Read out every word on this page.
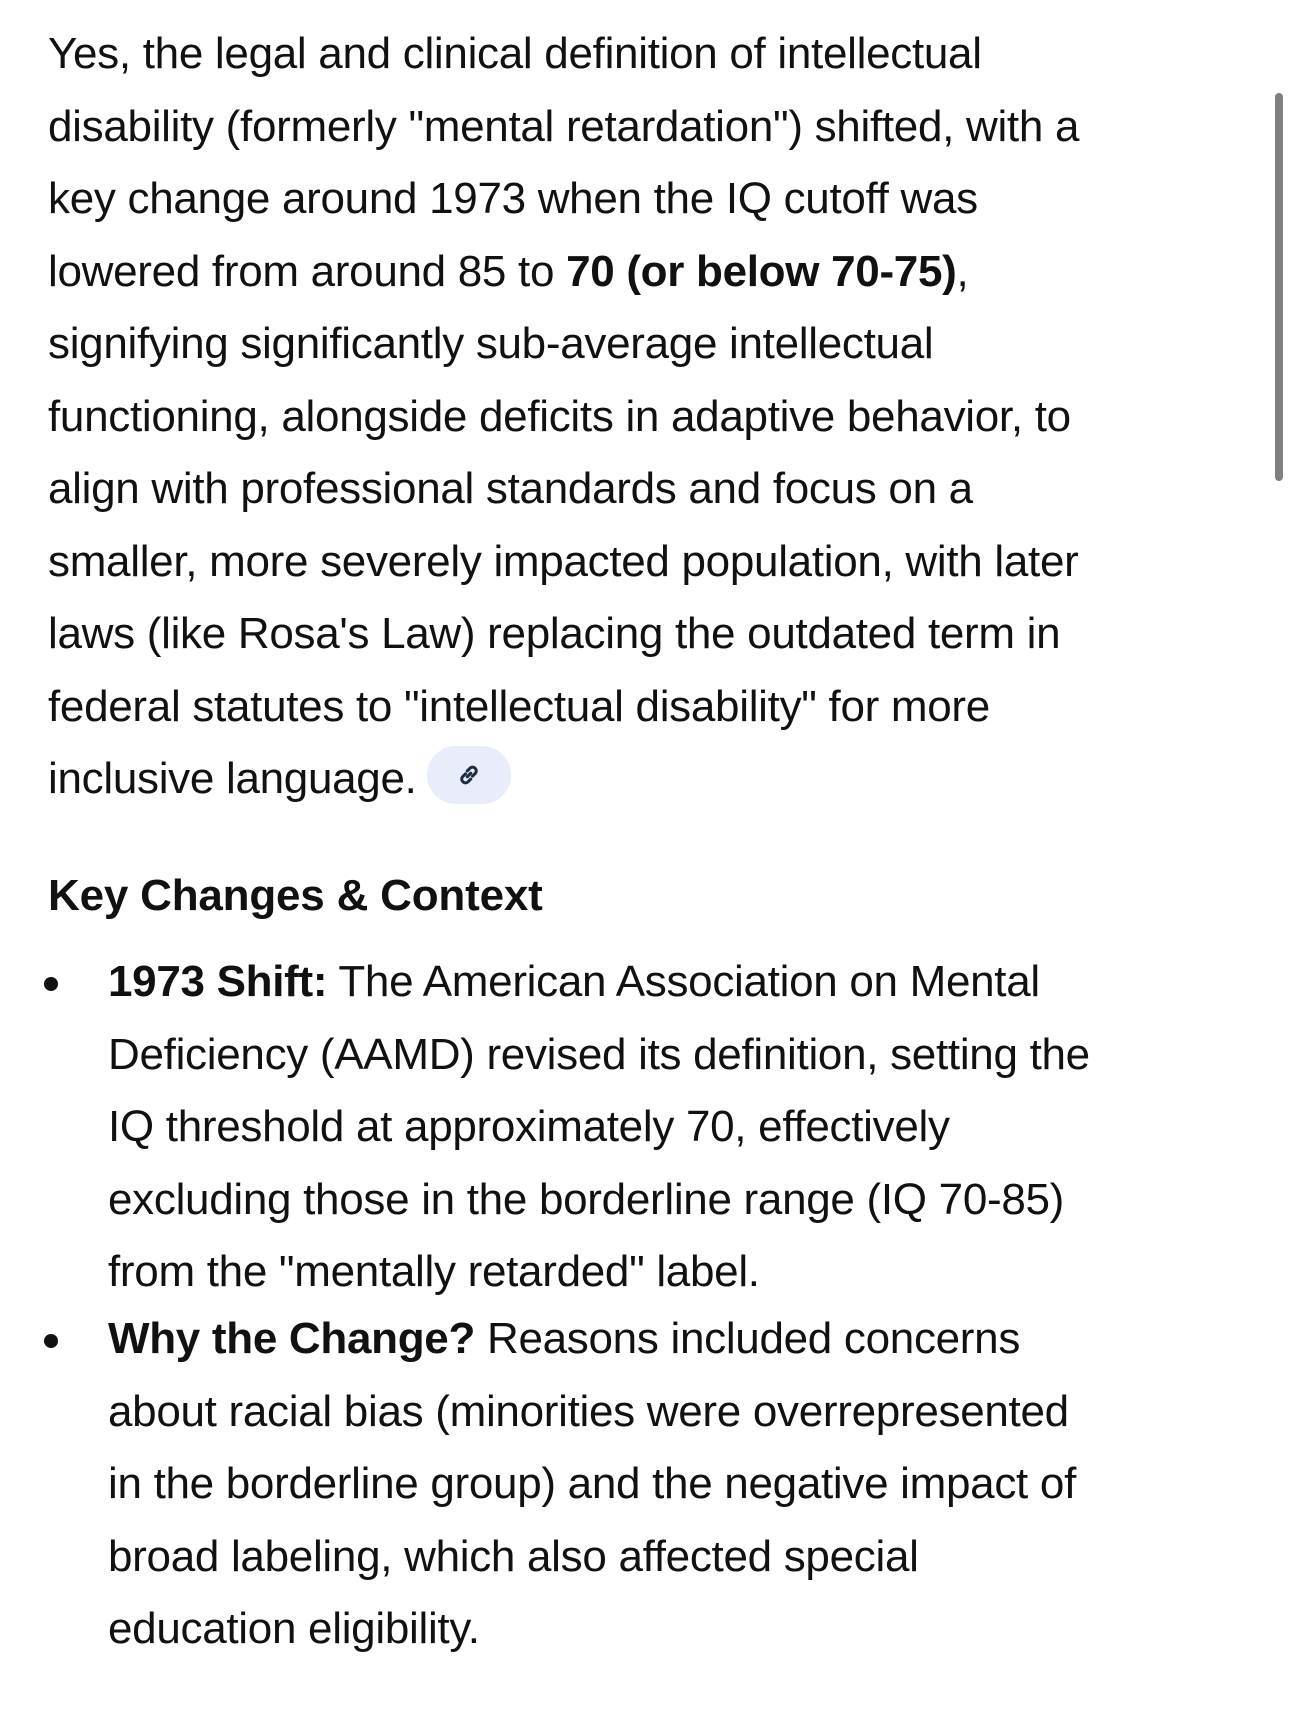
Yes, the legal and clinical definition of intellectual
disability (formerly "mental retardation") shifted, with a
key change around 1973 when the IQ cutoff was
lowered from around 85 to 70 (or below 70-75),
signifying significantly sub-average intellectual
functioning, alongside deficits in adaptive behavior, to
align with professional standards and focus on a
smaller, more severely impacted population, with later
laws (like Rosa's Law) replacing the outdated term in
federal statutes to "intellectual disability" for more
inclusive language.

Key Changes & Context
1973 Shift: The American Association on Mental
Deficiency (AAMD) revised its definition, setting the
IQ threshold at approximately 70, effectively
excluding those in the borderline range (IQ 70-85)
from the "mentally retarded" label.
Why the Change? Reasons included concerns
about racial bias (minorities were overrepresented
in the borderline group) and the negative impact of
broad labeling, which also affected special
education eligibility.
